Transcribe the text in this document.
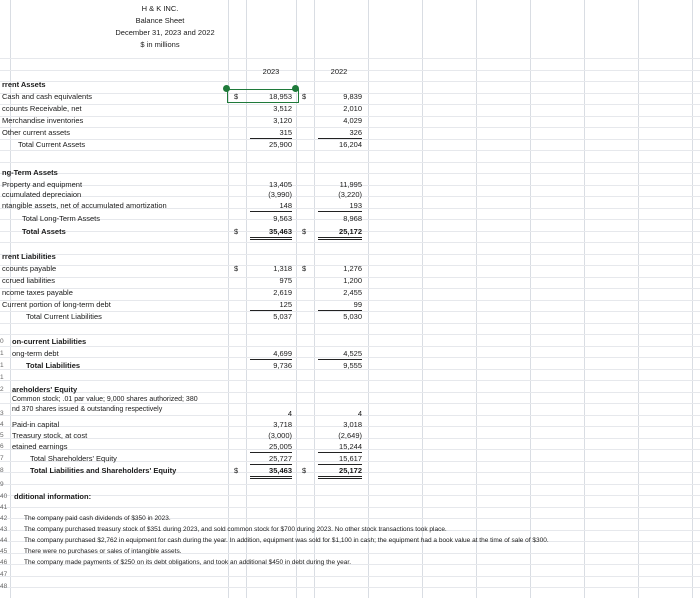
H & K INC.
Balance Sheet
December 31, 2023 and 2022
$ in millions
2023	2022
rrent Assets
Cash and cash equivalents	$	18,953 $	9,839
ccounts Receivable, net	3,512	2,010
Merchandise inventories	3,120	4,029
Other current assets	315	326
Total Current Assets	25,900	16,204
ng-Term Assets
Property and equipment	13,405	11,995
ccumulated depreciaion	(3,990)	(3,220)
ntangible assets, net of accumulated amortization	148	193
Total Long-Term Assets	9,563	8,968
Total Assets	$	35,463 $	25,172
rrent Liabilities
ccounts payable	$	1,318 $	1,276
ccrued liabilities	975	1,200
ncome taxes payable	2,619	2,455
Current portion of long-term debt	125	99
Total Current Liabilities	5,037	5,030
on-current Liabilities
ong-term debt	4,699	4,525
Total Liabilities	9,736	9,555
areholders' Equity
Common stock; .01 par value; 9,000 shares authorized; 380
nd 370 shares issued & outstanding respectively	4	4
Paid-in capital	3,718	3,018
Treasury stock, at cost	(3,000)	(2,649)
etained earnings	25,005	15,244
Total Shareholders' Equity	25,727	15,617
Total Liabilities and Shareholders' Equity	$	35,463 $	25,172
dditional information:
The company paid cash dividends of $350 in 2023.
The company purchased treasury stock of $351 during 2023, and sold common stock for $700 during 2023. No other stock transactions took place.
The company purchased $2,762 in equipment for cash during the year. In addition, equipment was sold for $1,100 in cash; the equipment had a book value at the time of sale of $300.
There were no purchases or sales of intangible assets.
The company made payments of $250 on its debt obligations, and took an additional $450 in debt during the year.
0
1
1
1
2
3
4
5
6
7
8
9
40
41
42
43
44
45
46
47
48
